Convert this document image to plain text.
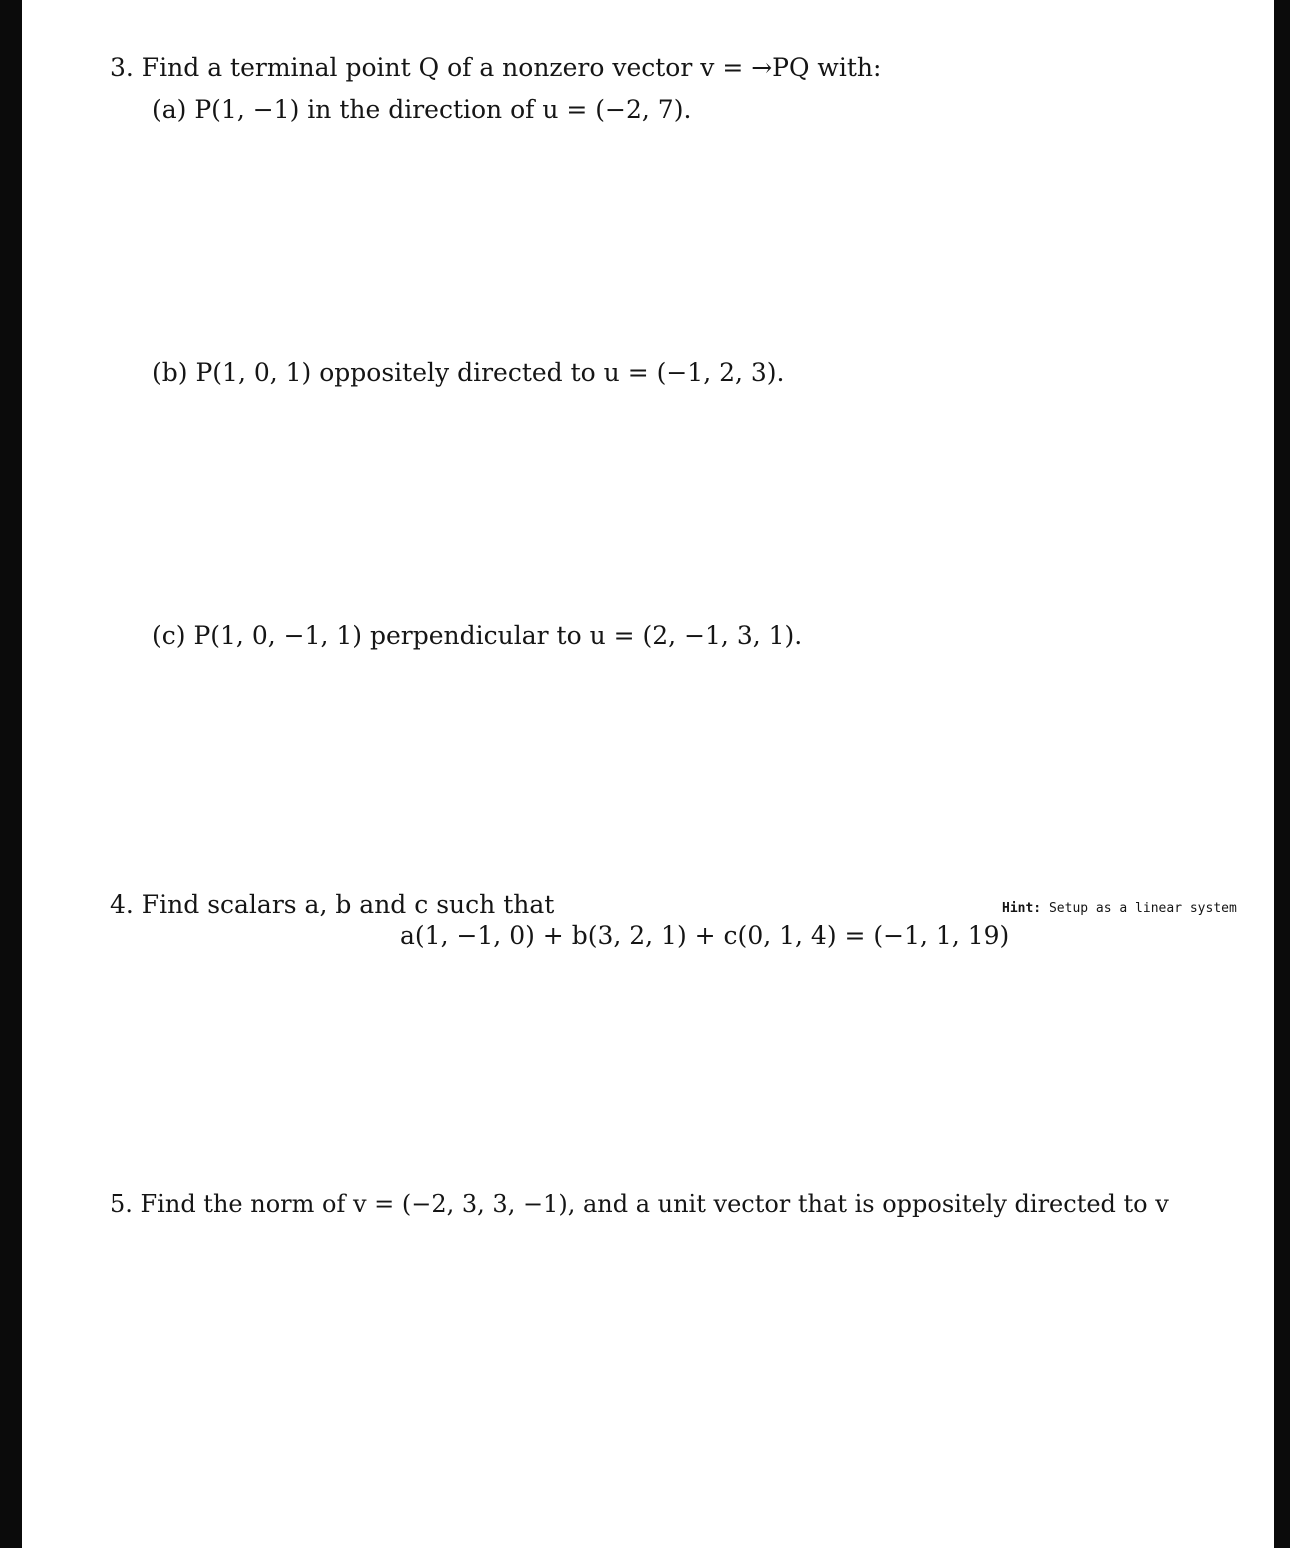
3. Find a terminal point Q of a nonzero vector v = →PQ with:
(a) P(1, −1) in the direction of u = (−2, 7).
(b) P(1, 0, 1) oppositely directed to u = (−1, 2, 3).
(c) P(1, 0, −1, 1) perpendicular to u = (2, −1, 3, 1).
4. Find scalars a, b and c such that	Hint: Setup as a linear system
a(1, −1, 0) + b(3, 2, 1) + c(0, 1, 4) = (−1, 1, 19)
5. Find the norm of v = (−2, 3, 3, −1), and a unit vector that is oppositely directed to v
